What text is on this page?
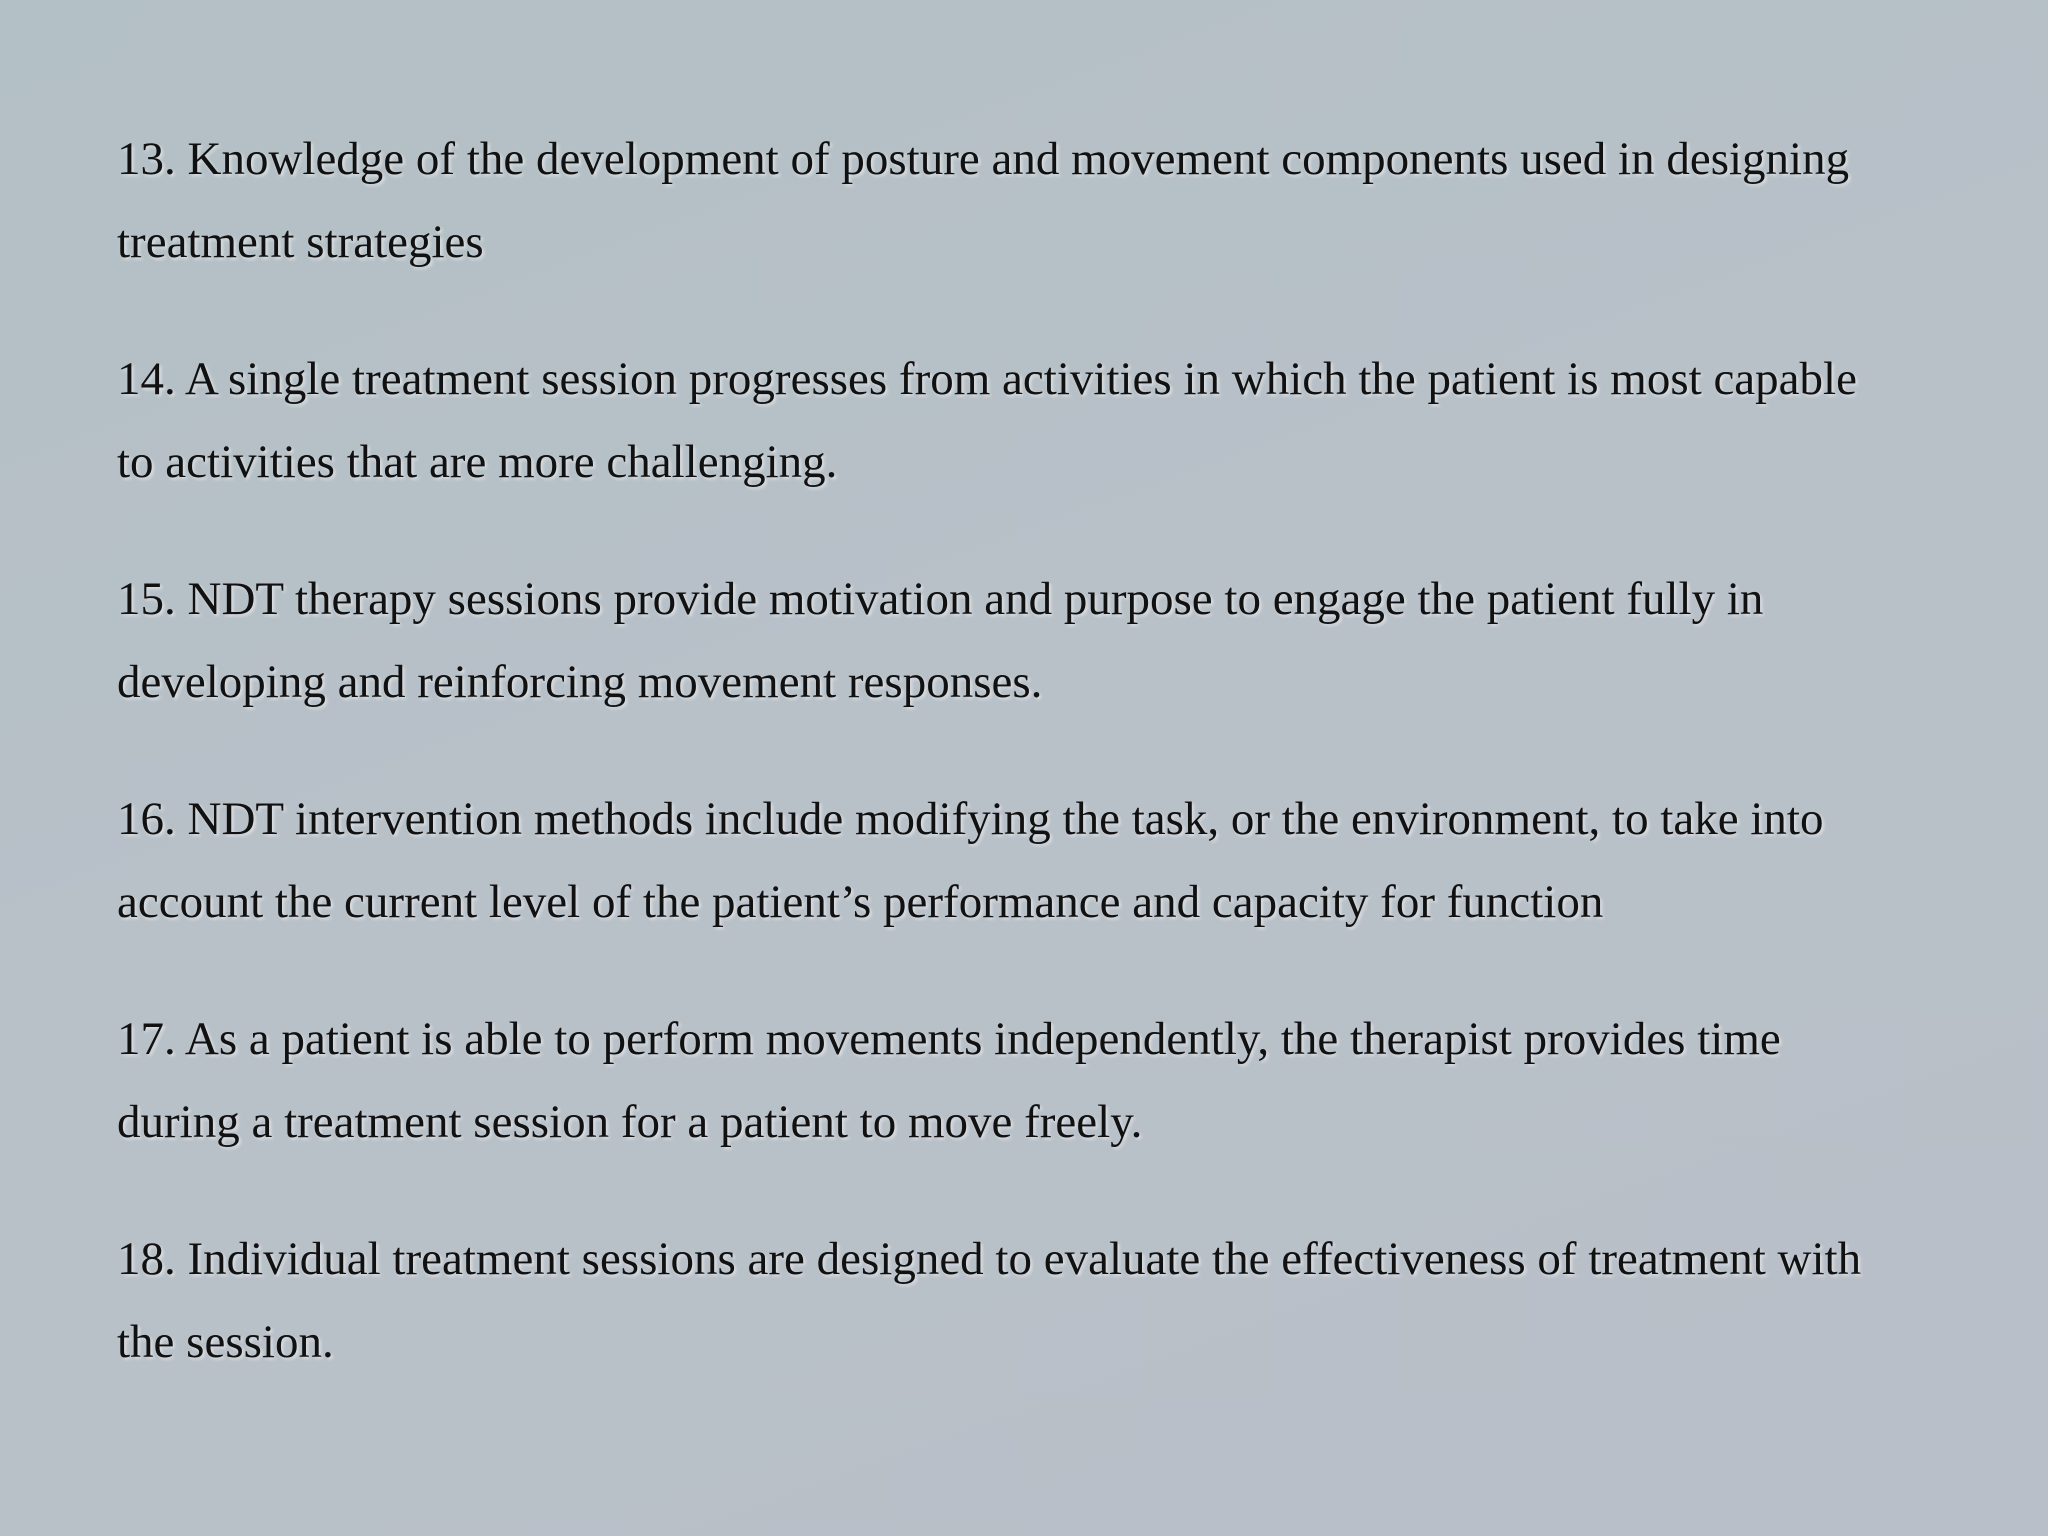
13. Knowledge of the development of posture and movement components used in designing treatment strategies
14. A single treatment session progresses from activities in which the patient is most capable to activities that are more challenging.
15. NDT therapy sessions provide motivation and purpose to engage the patient fully in developing and reinforcing movement responses.
16. NDT intervention methods include modifying the task, or the environment, to take into account the current level of the patient’s performance and capacity for function
17. As a patient is able to perform movements independently, the therapist provides time during a treatment session for a patient to move freely.
18. Individual treatment sessions are designed to evaluate the effectiveness of treatment with the session.
